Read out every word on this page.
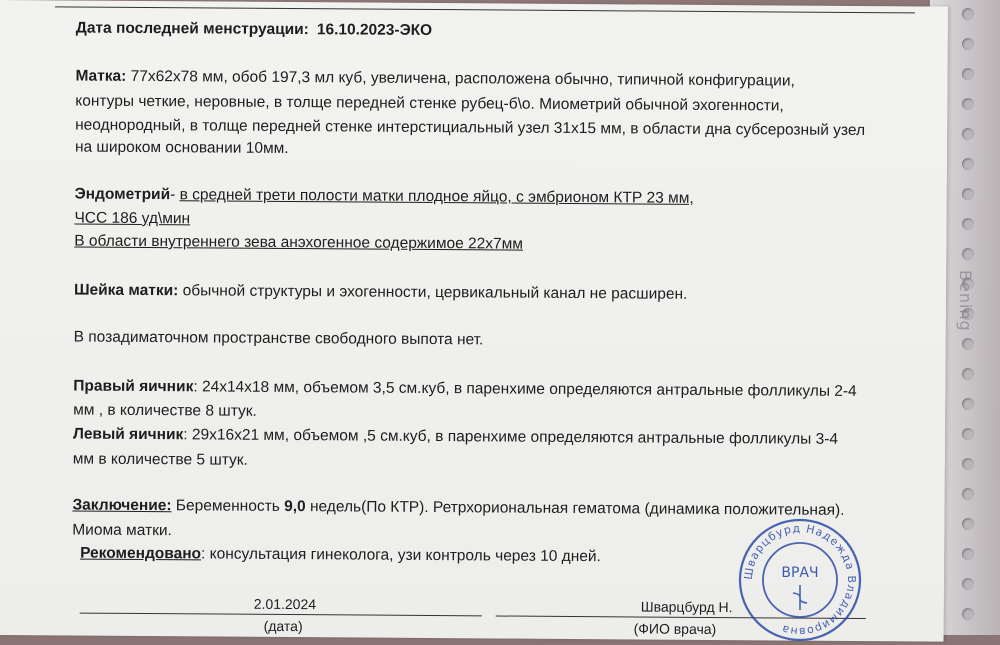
Bening
Дата последней менструации: 16.10.2023-ЭКО
Матка: 77х62х78 мм, обоб 197,3 мл куб, увеличена, расположена обычно, типичной конфигурации,
контуры четкие, неровные, в толще передней стенке рубец-б\о. Миометрий обычной эхогенности,
неоднородный, в толще передней стенке интерстициальный узел 31х15 мм, в области дна субсерозный узел
на широком основании 10мм.
Эндометрий- в средней трети полости матки плодное яйцо, с эмбрионом КТР 23 мм,
ЧСС 186 уд\мин
В области внутреннего зева анэхогенное содержимое 22х7мм
Шейка матки: обычной структуры и эхогенности, цервикальный канал не расширен.
В позадиматочном пространстве свободного выпота нет.
Правый яичник: 24х14х18 мм, объемом 3,5 см.куб, в паренхиме определяются антральные фолликулы 2-4
мм , в количестве 8 штук.
Левый яичник: 29х16х21 мм, объемом ,5 см.куб, в паренхиме определяются антральные фолликулы 3-4
мм в количестве 5 штук.
Заключение: Беременность 9,0 недель(По КТР). Ретрхориональная гематома (динамика положительная).
Миома матки.
Рекомендовано: консультация гинеколога, узи контроль через 10 дней.
2.01.2024
(дата)
Шварцбурд Н.
(ФИО врача)
Шварцбурд Надежда Владимировна
ВРАЧ
